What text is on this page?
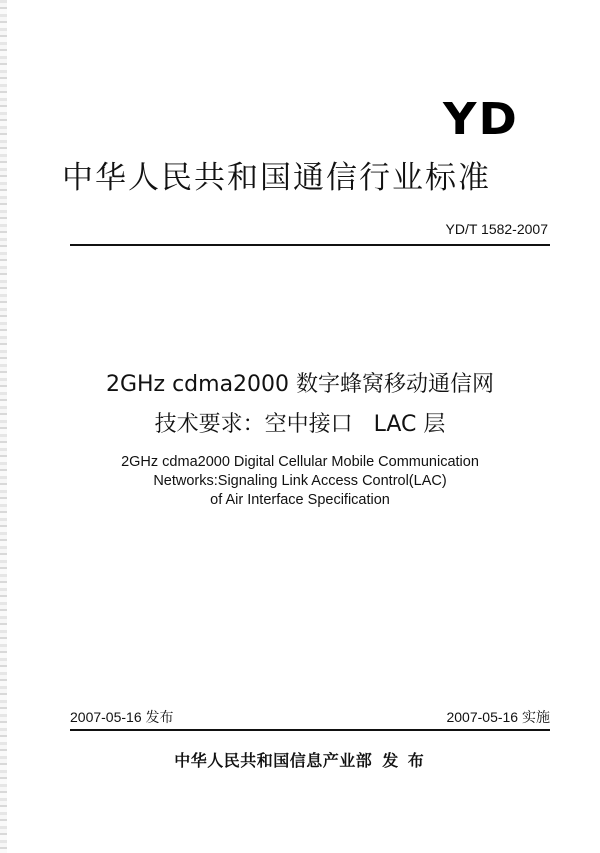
YD
中华人民共和国通信行业标准
YD/T 1582-2007
2GHz cdma2000 数字蜂窝移动通信网
技术要求：空中接口   LAC 层
2GHz cdma2000 Digital Cellular Mobile Communication
Networks:Signaling Link Access Control(LAC)
of Air Interface Specification
2007-05-16 发布	2007-05-16 实施
中华人民共和国信息产业部 发 布
